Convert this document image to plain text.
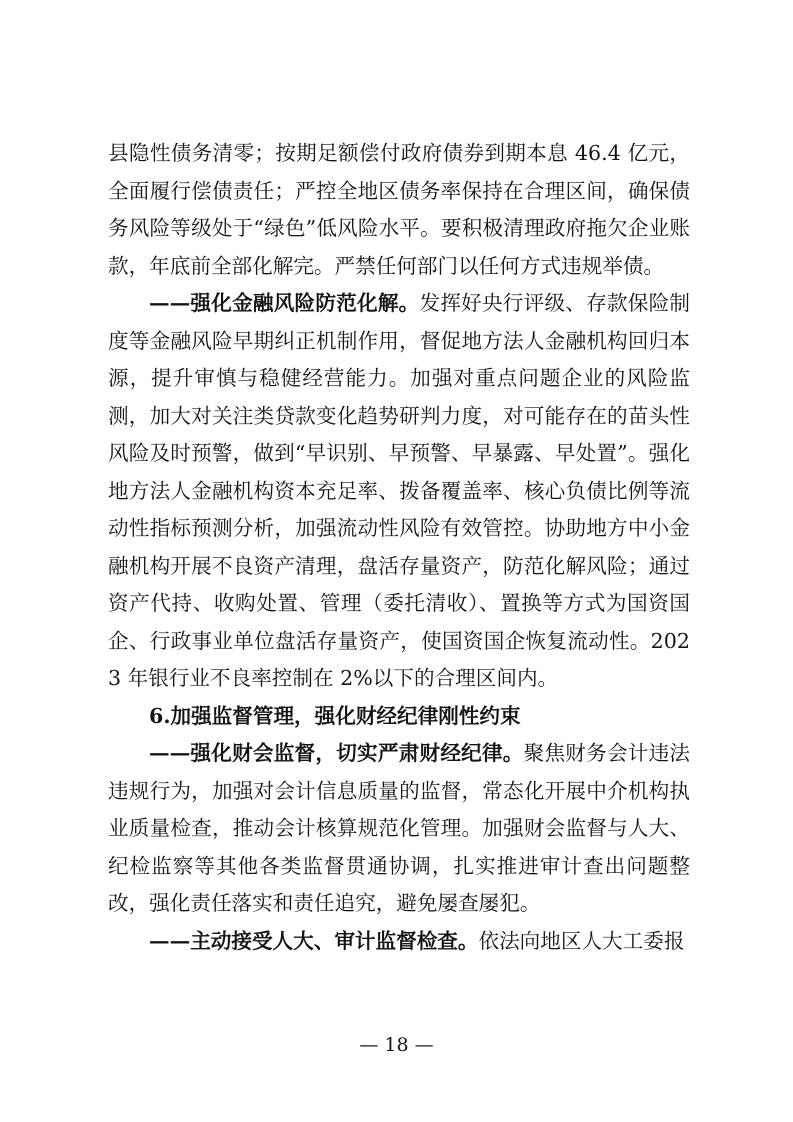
县隐性债务清零；按期足额偿付政府债券到期本息 46.4 亿元，全面履行偿债责任；严控全地区债务率保持在合理区间，确保债务风险等级处于“绿色”低风险水平。要积极清理政府拖欠企业账款，年底前全部化解完。严禁任何部门以任何方式违规举债。

——强化金融风险防范化解。发挥好央行评级、存款保险制度等金融风险早期纠正机制作用，督促地方法人金融机构回归本源，提升审慎与稳健经营能力。加强对重点问题企业的风险监测，加大对关注类贷款变化趋势研判力度，对可能存在的苗头性风险及时预警，做到“早识别、早预警、早暴露、早处置”。强化地方法人金融机构资本充足率、拨备覆盖率、核心负债比例等流动性指标预测分析，加强流动性风险有效管控。协助地方中小金融机构开展不良资产清理，盘活存量资产，防范化解风险；通过资产代持、收购处置、管理（委托清收）、置换等方式为国资国企、行政事业单位盘活存量资产，使国资国企恢复流动性。2023 年银行业不良率控制在 2%以下的合理区间内。

6.加强监督管理，强化财经纪律刚性约束

——强化财会监督，切实严肃财经纪律。聚焦财务会计违法违规行为，加强对会计信息质量的监督，常态化开展中介机构执业质量检查，推动会计核算规范化管理。加强财会监督与人大、纪检监察等其他各类监督贯通协调，扎实推进审计查出问题整改，强化责任落实和责任追究，避免屡查屡犯。

——主动接受人大、审计监督检查。依法向地区人大工委报

— 18 —
